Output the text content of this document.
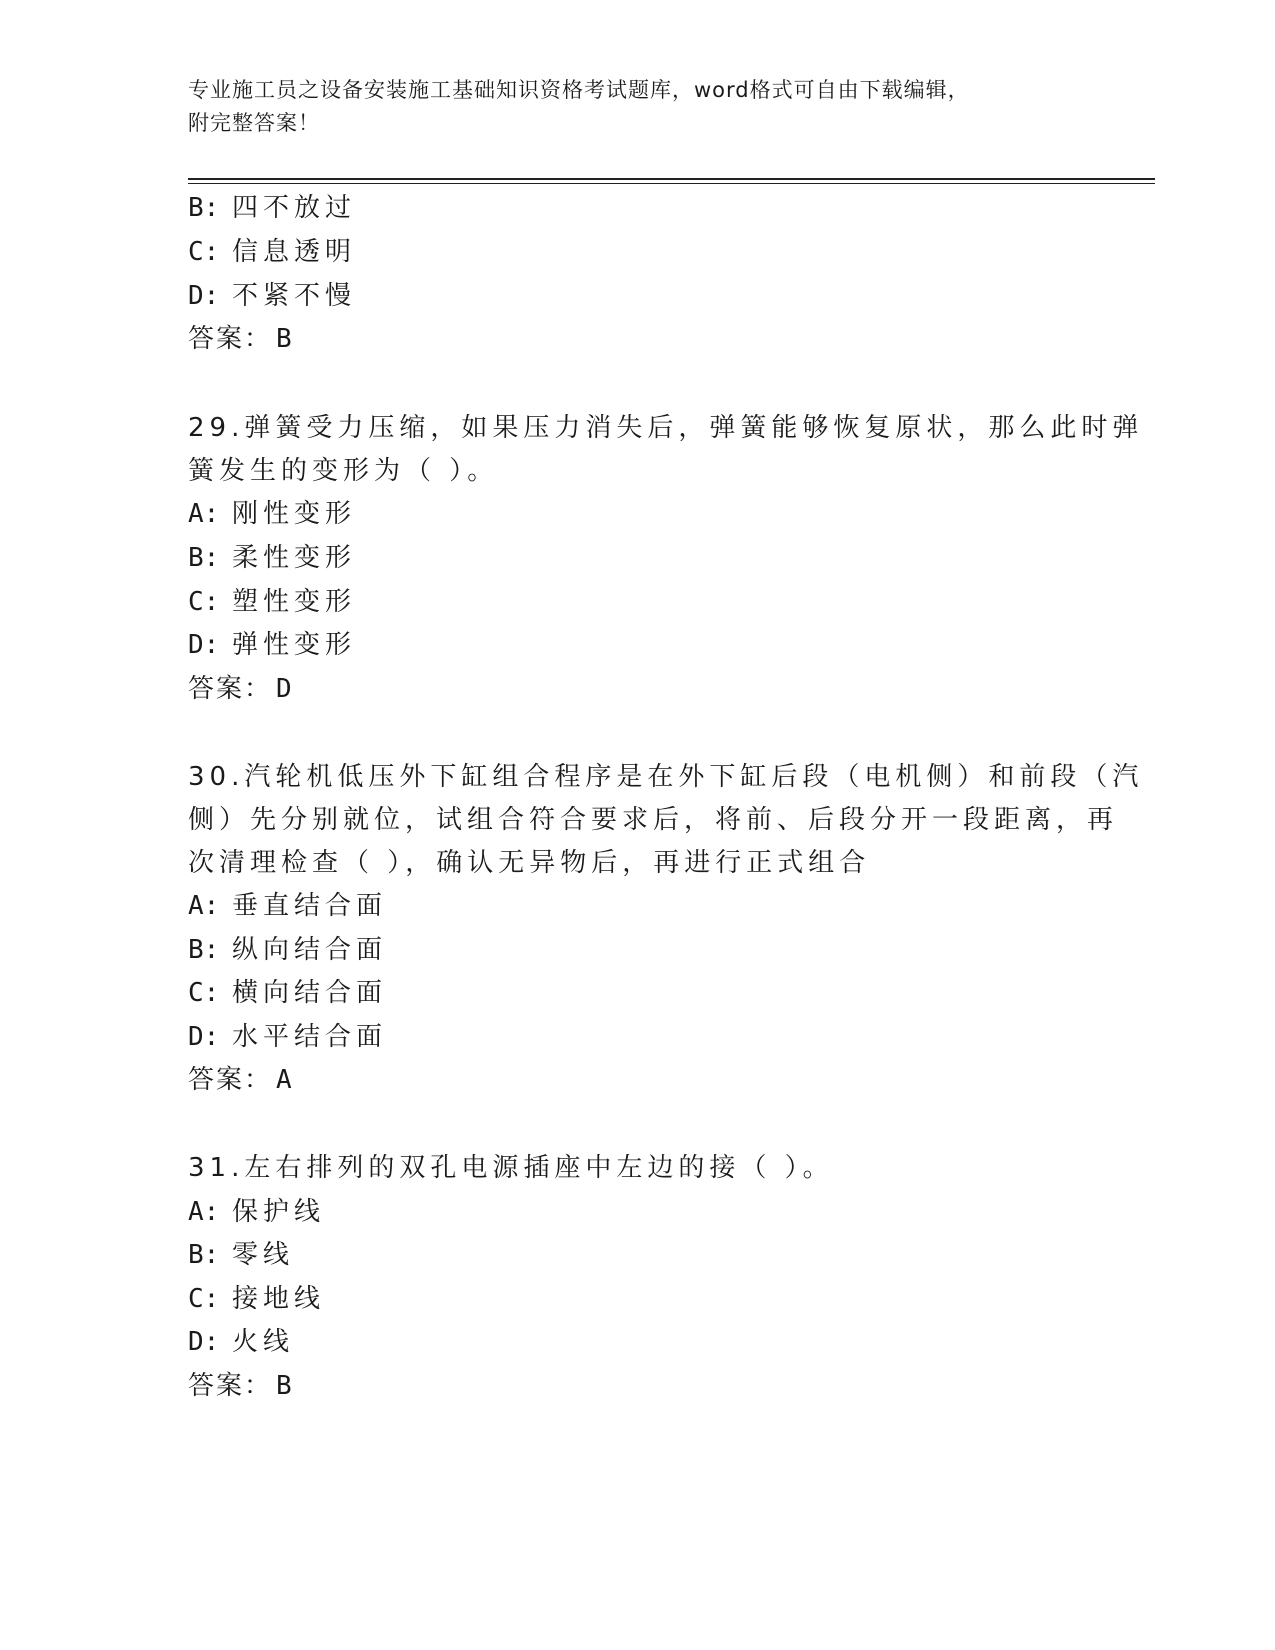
专业施工员之设备安装施工基础知识资格考试题库，word格式可自由下载编辑，
附完整答案！
B: 四不放过
C: 信息透明
D: 不紧不慢
答案： B
29.弹簧受力压缩，如果压力消失后，弹簧能够恢复原状，那么此时弹
簧发生的变形为（ ）。
A: 刚性变形
B: 柔性变形
C: 塑性变形
D: 弹性变形
答案： D
30.汽轮机低压外下缸组合程序是在外下缸后段（电机侧）和前段（汽
侧）先分别就位，试组合符合要求后，将前、后段分开一段距离，再
次清理检查（ ），确认无异物后，再进行正式组合
A: 垂直结合面
B: 纵向结合面
C: 横向结合面
D: 水平结合面
答案： A
31.左右排列的双孔电源插座中左边的接（ ）。
A: 保护线
B: 零线
C: 接地线
D: 火线
答案： B
